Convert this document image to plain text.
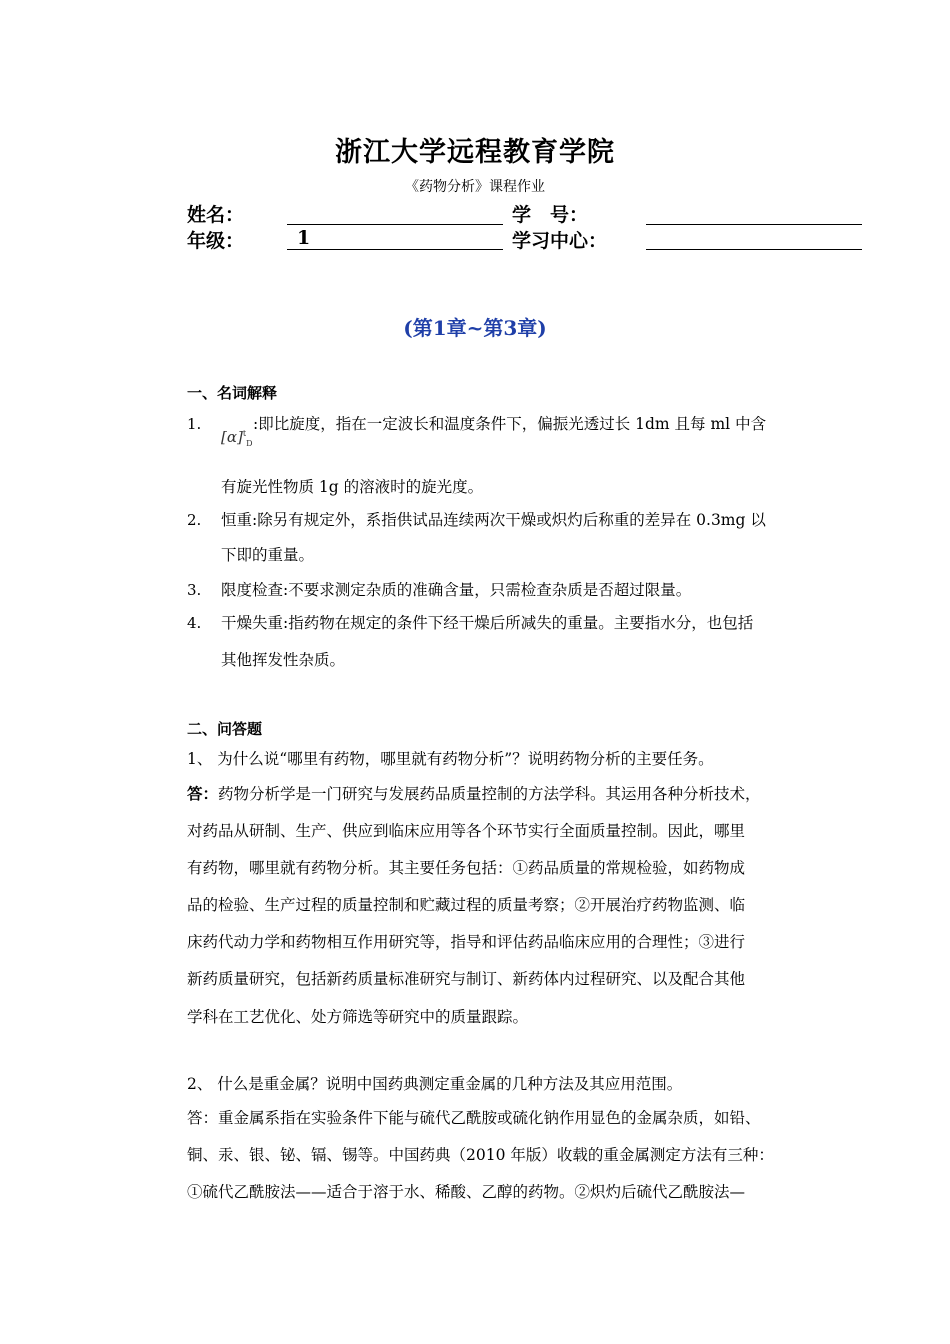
浙江大学远程教育学院
《药物分析》课程作业
姓名：	学　号：
年级：	1	学习中心：
(第1章~第3章)
一、名词解释
1.
$[\alpha]^t_D$
:即比旋度，指在一定波长和温度条件下，偏振光透过长 1dm 且每 ml 中含
有旋光性物质 1g 的溶液时的旋光度。
2. 恒重:除另有规定外，系指供试品连续两次干燥或炽灼后称重的差异在 0.3mg 以
下即的重量。
3. 限度检查:不要求测定杂质的准确含量，只需检查杂质是否超过限量。
4. 干燥失重:指药物在规定的条件下经干燥后所减失的重量。主要指水分，也包括
其他挥发性杂质。
二、问答题
1、 为什么说“哪里有药物，哪里就有药物分析”？说明药物分析的主要任务。
答：药物分析学是一门研究与发展药品质量控制的方法学科。其运用各种分析技术，
对药品从研制、生产、供应到临床应用等各个环节实行全面质量控制。因此，哪里
有药物，哪里就有药物分析。其主要任务包括：①药品质量的常规检验，如药物成
品的检验、生产过程的质量控制和贮藏过程的质量考察；②开展治疗药物监测、临
床药代动力学和药物相互作用研究等，指导和评估药品临床应用的合理性；③进行
新药质量研究，包括新药质量标准研究与制订、新药体内过程研究、以及配合其他
学科在工艺优化、处方筛选等研究中的质量跟踪。
2、 什么是重金属？说明中国药典测定重金属的几种方法及其应用范围。
答：重金属系指在实验条件下能与硫代乙酰胺或硫化钠作用显色的金属杂质，如铅、
铜、汞、银、铋、镉、锡等。中国药典（2010 年版）收载的重金属测定方法有三种：
①硫代乙酰胺法——适合于溶于水、稀酸、乙醇的药物。②炽灼后硫代乙酰胺法—
